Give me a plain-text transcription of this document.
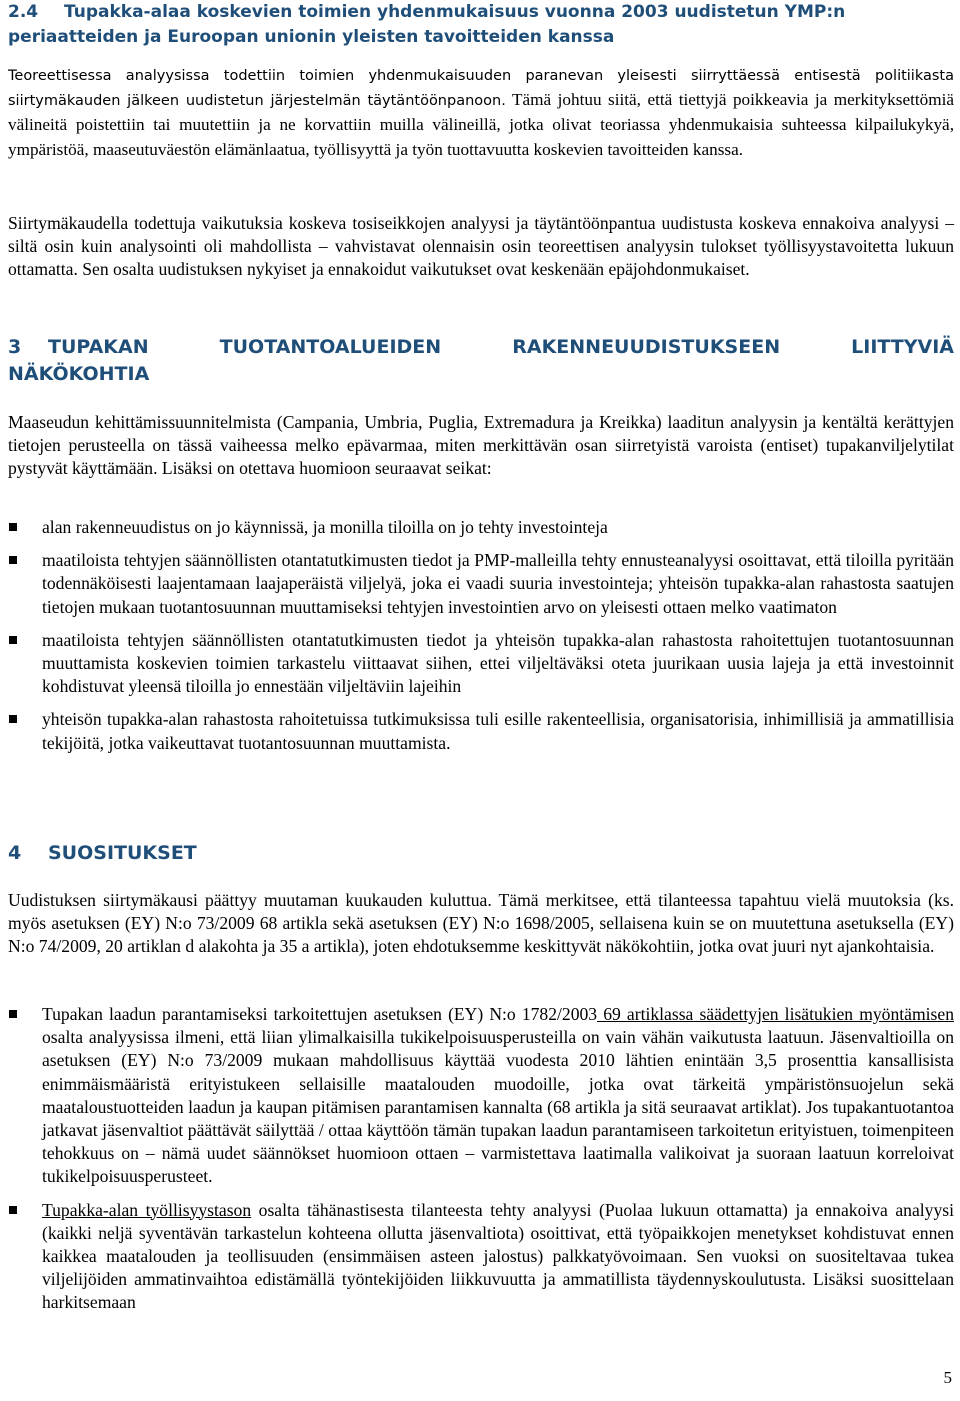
2.4 Tupakka-alaa koskevien toimien yhdenmukaisuus vuonna 2003 uudistetun YMP:n periaatteiden ja Euroopan unionin yleisten tavoitteiden kanssa

Teoreettisessa analyysissa todettiin toimien yhdenmukaisuuden paranevan yleisesti siirryttäessä entisestä politiikasta siirtymäkauden jälkeen uudistetun järjestelmän täytäntöönpanoon. Tämä johtuu siitä, että tiettyjä poikkeavia ja merkityksettömiä välineitä poistettiin tai muutettiin ja ne korvattiin muilla välineillä, jotka olivat teoriassa yhdenmukaisia suhteessa kilpailukykyä, ympäristöä, maaseutuväestön elämänlaatua, työllisyyttä ja työn tuottavuutta koskevien tavoitteiden kanssa.

Siirtymäkaudella todettuja vaikutuksia koskeva tosiseikkojen analyysi ja täytäntöönpantua uudistusta koskeva ennakoiva analyysi – siltä osin kuin analysointi oli mahdollista – vahvistavat olennaisin osin teoreettisen analyysin tulokset työllisyystavoitetta lukuun ottamatta. Sen osalta uudistuksen nykyiset ja ennakoidut vaikutukset ovat keskenään epäjohdonmukaiset.

3 TUPAKAN TUOTANTOALUEIDEN RAKENNEUUDISTUKSEEN LIITTYVIÄ NÄKÖKOHTIA

Maaseudun kehittämissuunnitelmista (Campania, Umbria, Puglia, Extremadura ja Kreikka) laaditun analyysin ja kentältä kerättyjen tietojen perusteella on tässä vaiheessa melko epävarmaa, miten merkittävän osan siirretyistä varoista (entiset) tupakanviljelytilat pystyvät käyttämään. Lisäksi on otettava huomioon seuraavat seikat:

alan rakenneuudistus on jo käynnissä, ja monilla tiloilla on jo tehty investointeja
maatiloista tehtyjen säännöllisten otantatutkimusten tiedot ja PMP-malleilla tehty ennusteanalyysi osoittavat, että tiloilla pyritään todennäköisesti laajentamaan laajaperäistä viljelyä, joka ei vaadi suuria investointeja; yhteisön tupakka-alan rahastosta saatujen tietojen mukaan tuotantosuunnan muuttamiseksi tehtyjen investointien arvo on yleisesti ottaen melko vaatimaton
maatiloista tehtyjen säännöllisten otantatutkimusten tiedot ja yhteisön tupakka-alan rahastosta rahoitettujen tuotantosuunnan muuttamista koskevien toimien tarkastelu viittaavat siihen, ettei viljeltäväksi oteta juurikaan uusia lajeja ja että investoinnit kohdistuvat yleensä tiloilla jo ennestään viljeltäviin lajeihin
yhteisön tupakka-alan rahastosta rahoitetuissa tutkimuksissa tuli esille rakenteellisia, organisatorisia, inhimillisiä ja ammatillisia tekijöitä, jotka vaikeuttavat tuotantosuunnan muuttamista.
4 SUOSITUKSET

Uudistuksen siirtymäkausi päättyy muutaman kuukauden kuluttua. Tämä merkitsee, että tilanteessa tapahtuu vielä muutoksia (ks. myös asetuksen (EY) N:o 73/2009 68 artikla sekä asetuksen (EY) N:o 1698/2005, sellaisena kuin se on muutettuna asetuksella (EY) N:o 74/2009, 20 artiklan d alakohta ja 35 a artikla), joten ehdotuksemme keskittyvät näkökohtiin, jotka ovat juuri nyt ajankohtaisia.

Tupakan laadun parantamiseksi tarkoitettujen asetuksen (EY) N:o 1782/2003 69 artiklassa säädettyjen lisätukien myöntämisen osalta analyysissa ilmeni, että liian ylimalkaisilla tukikelpoisuusperusteilla on vain vähän vaikutusta laatuun. Jäsenvaltioilla on asetuksen (EY) N:o 73/2009 mukaan mahdollisuus käyttää vuodesta 2010 lähtien enintään 3,5 prosenttia kansallisista enimmäismääristä erityistukeen sellaisille maatalouden muodoille, jotka ovat tärkeitä ympäristönsuojelun sekä maataloustuotteiden laadun ja kaupan pitämisen parantamisen kannalta (68 artikla ja sitä seuraavat artiklat). Jos tupakantuotantoa jatkavat jäsenvaltiot päättävät säilyttää / ottaa käyttöön tämän tupakan laadun parantamiseen tarkoitetun erityistuen, toimenpiteen tehokkuus on – nämä uudet säännökset huomioon ottaen – varmistettava laatimalla valikoivat ja suoraan laatuun korreloivat tukikelpoisuusperusteet.
Tupakka-alan työllisyystason osalta tähänastisesta tilanteesta tehty analyysi (Puolaa lukuun ottamatta) ja ennakoiva analyysi (kaikki neljä syventävän tarkastelun kohteena ollutta jäsenvaltiota) osoittivat, että työpaikkojen menetykset kohdistuvat ennen kaikkea maatalouden ja teollisuuden (ensimmäisen asteen jalostus) palkkatyövoimaan. Sen vuoksi on suositeltavaa tukea viljelijöiden ammatinvaihtoa edistämällä työntekijöiden liikkuvuutta ja ammatillista täydennyskoulutusta. Lisäksi suosittelaan harkitsemaan
5
